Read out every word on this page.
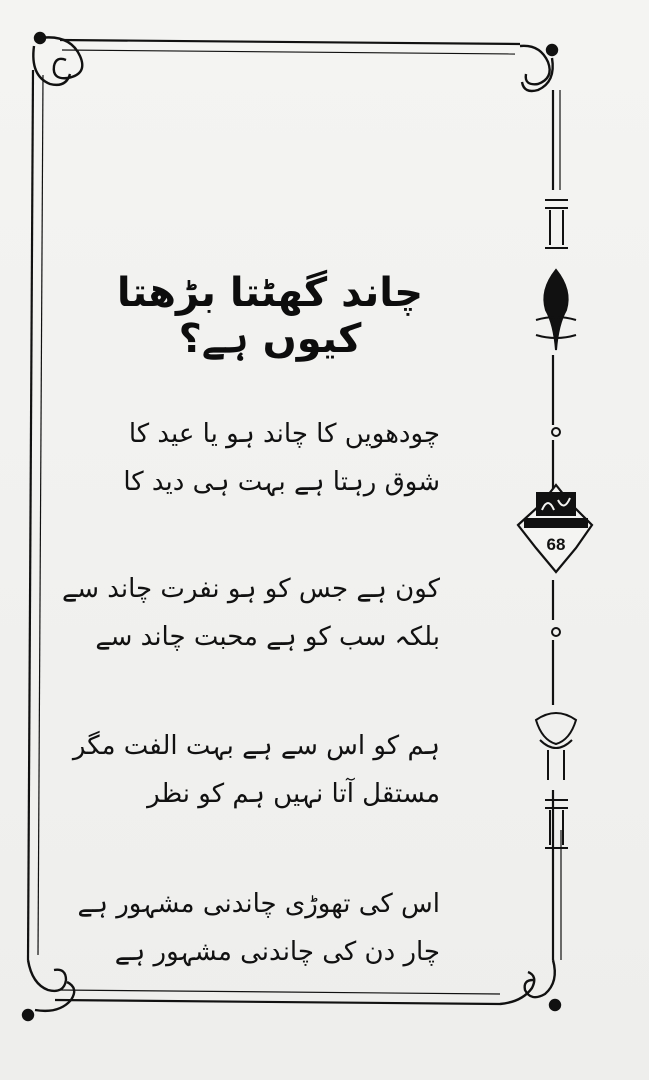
68
چاند گھٹتا بڑھتا کیوں ہے؟
چودھویں کا چاند ہو یا عید کا
شوق رہتا ہے بہت ہی دید کا
کون ہے جس کو ہو نفرت چاند سے
بلکہ سب کو ہے محبت چاند سے
ہم کو اس سے ہے بہت الفت مگر
مستقل آتا نہیں ہم کو نظر
اس کی تھوڑی چاندنی مشہور ہے
چار دن کی چاندنی مشہور ہے
